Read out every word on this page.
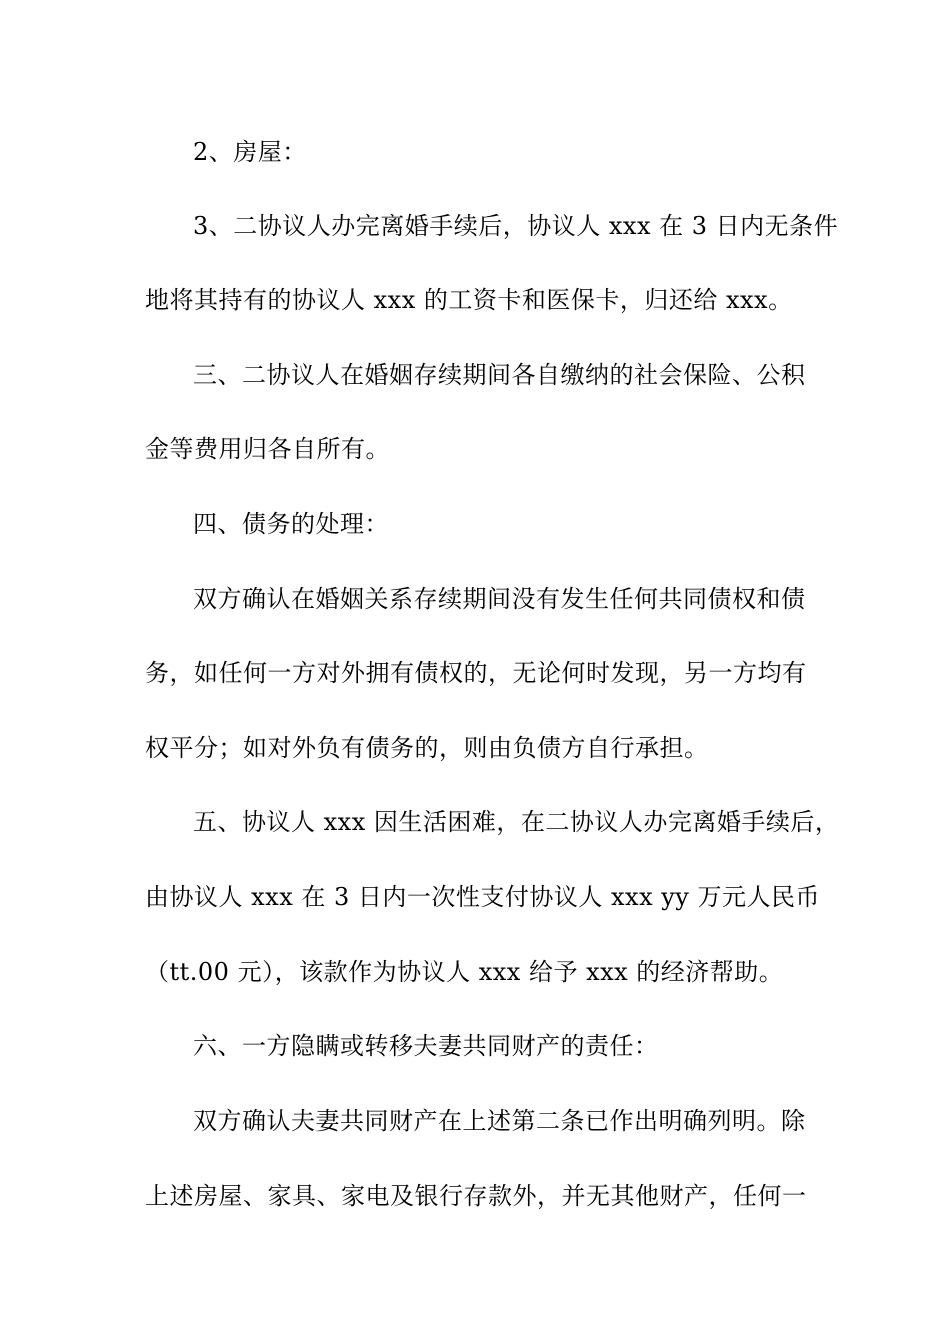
2、房屋：
3、二协议人办完离婚手续后，协议人 xxx 在 3 日内无条件
地将其持有的协议人 xxx 的工资卡和医保卡，归还给 xxx。
三、二协议人在婚姻存续期间各自缴纳的社会保险、公积
金等费用归各自所有。
四、债务的处理：
双方确认在婚姻关系存续期间没有发生任何共同债权和债
务，如任何一方对外拥有债权的，无论何时发现，另一方均有
权平分；如对外负有债务的，则由负债方自行承担。
五、协议人 xxx 因生活困难，在二协议人办完离婚手续后，
由协议人 xxx 在 3 日内一次性支付协议人 xxx yy 万元人民币
（tt.00 元），该款作为协议人 xxx 给予 xxx 的经济帮助。
六、一方隐瞒或转移夫妻共同财产的责任：
双方确认夫妻共同财产在上述第二条已作出明确列明。除
上述房屋、家具、家电及银行存款外，并无其他财产，任何一
